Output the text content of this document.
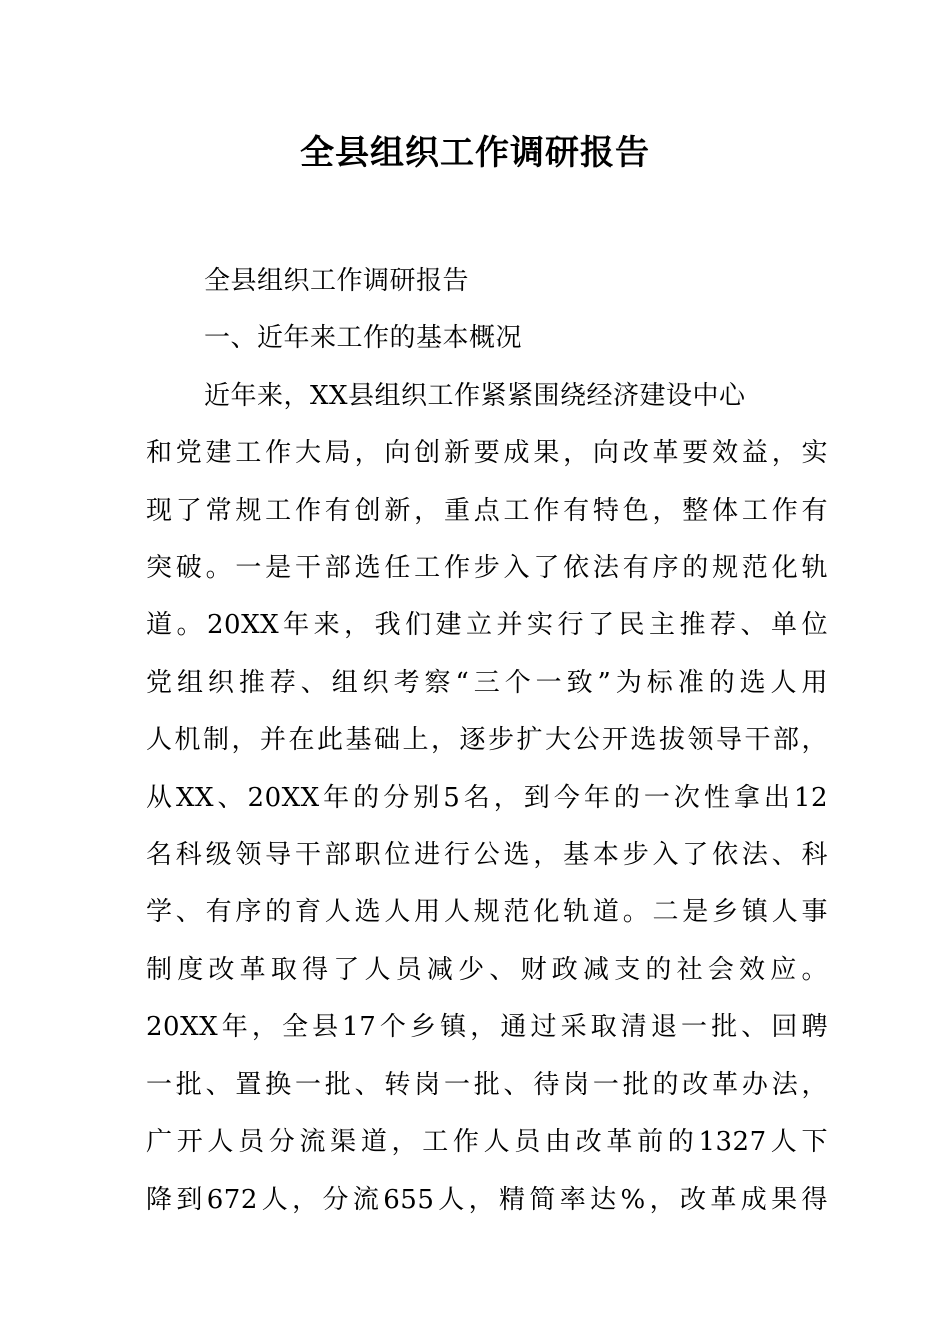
全县组织工作调研报告

全县组织工作调研报告

一、近年来工作的基本概况

近年来，XX县组织工作紧紧围绕经济建设中心
和党建工作大局，向创新要成果，向改革要效益，实
现了常规工作有创新，重点工作有特色，整体工作有
突破。一是干部选任工作步入了依法有序的规范化轨
道。20XX年来，我们建立并实行了民主推荐、单位
党组织推荐、组织考察“三个一致”为标准的选人用
人机制，并在此基础上，逐步扩大公开选拔领导干部，
从XX、20XX年的分别5名，到今年的一次性拿出12
名科级领导干部职位进行公选，基本步入了依法、科
学、有序的育人选人用人规范化轨道。二是乡镇人事
制度改革取得了人员减少、财政减支的社会效应。
20XX年，全县17个乡镇，通过采取清退一批、回聘
一批、置换一批、转岗一批、待岗一批的改革办法，
广开人员分流渠道，工作人员由改革前的1327人下
降到672人，分流655人，精简率达%，改革成果得
